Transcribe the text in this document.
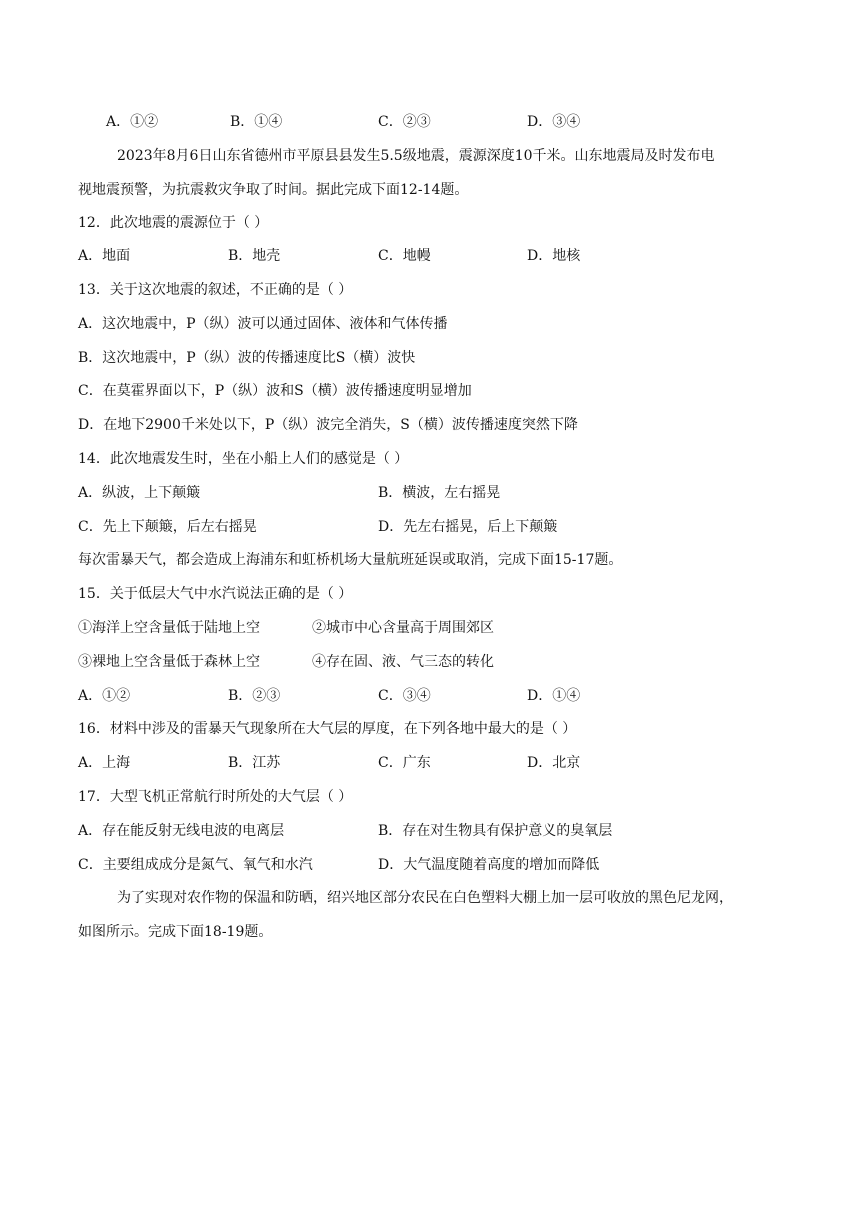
A．①②	B．①④	C．②③	D．③④
2023年8月6日山东省德州市平原县县发生5.5级地震，震源深度10千米。山东地震局及时发布电
视地震预警，为抗震救灾争取了时间。据此完成下面12-14题。
12．此次地震的震源位于（ ）
A．地面	B．地壳	C．地幔	D．地核
13．关于这次地震的叙述，不正确的是（ ）
A．这次地震中，P（纵）波可以通过固体、液体和气体传播
B．这次地震中，P（纵）波的传播速度比S（横）波快
C．在莫霍界面以下，P（纵）波和S（横）波传播速度明显增加
D．在地下2900千米处以下，P（纵）波完全消失，S（横）波传播速度突然下降
14．此次地震发生时，坐在小船上人们的感觉是（ ）
A．纵波，上下颠簸	B．横波，左右摇晃
C．先上下颠簸，后左右摇晃	D．先左右摇晃，后上下颠簸
每次雷暴天气，都会造成上海浦东和虹桥机场大量航班延误或取消，完成下面15-17题。
15．关于低层大气中水汽说法正确的是（ ）
①海洋上空含量低于陆地上空	②城市中心含量高于周围郊区
③裸地上空含量低于森林上空	④存在固、液、气三态的转化
A．①②	B．②③	C．③④	D．①④
16．材料中涉及的雷暴天气现象所在大气层的厚度，在下列各地中最大的是（ ）
A．上海	B．江苏	C．广东	D．北京
17．大型飞机正常航行时所处的大气层（ ）
A．存在能反射无线电波的电离层	B．存在对生物具有保护意义的臭氧层
C．主要组成成分是氮气、氧气和水汽	D．大气温度随着高度的增加而降低
为了实现对农作物的保温和防晒，绍兴地区部分农民在白色塑料大棚上加一层可收放的黑色尼龙网，
如图所示。完成下面18-19题。
